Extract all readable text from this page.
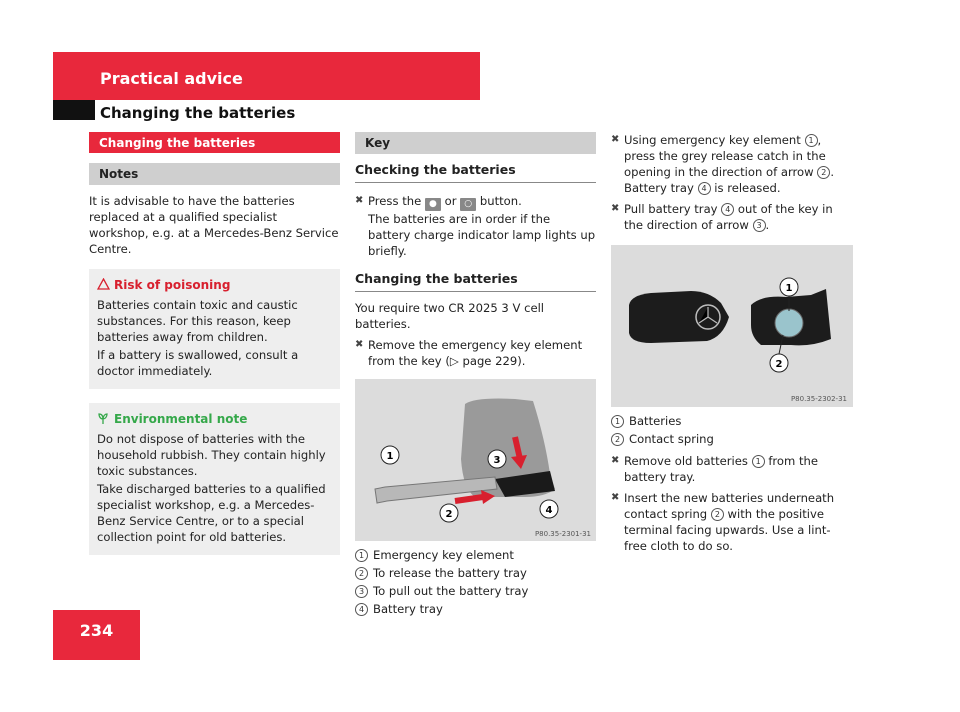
Practical advice
Changing the batteries
Changing the batteries
Notes

It is advisable to have the batteries replaced at a qualified specialist workshop, e.g. at a Mercedes-Benz Service Centre.

Risk of poisoning

Batteries contain toxic and caustic substances. For this reason, keep batteries away from children.

If a battery is swallowed, consult a doctor immediately.

Environmental note

Do not dispose of batteries with the household rubbish. They contain highly toxic substances.

Take discharged batteries to a qualified specialist workshop, e.g. a Mercedes-Benz Service Centre, or to a special collection point for old batteries.

Key
Checking the batteries
✖ Press the ● or ○ button.
The batteries are in order if the battery charge indicator lamp lights up briefly.
Changing the batteries

You require two CR 2025 3 V cell batteries.

✖ Remove the emergency key element from the key (▷ page 229).
1
2
3
4
P80.35-2301-31
1 Emergency key element
2 To release the battery tray
3 To pull out the battery tray
4 Battery tray
✖ Using emergency key element 1 , press the grey release catch in the opening in the direction of arrow 2 .
Battery tray 4 is released.
✖ Pull battery tray 4 out of the key in the direction of arrow 3 .
1
2
P80.35-2302-31
1 Batteries
2 Contact spring
✖ Remove old batteries 1 from the battery tray.
✖ Insert the new batteries underneath contact spring 2 with the positive terminal facing upwards. Use a lint-free cloth to do so.
234
